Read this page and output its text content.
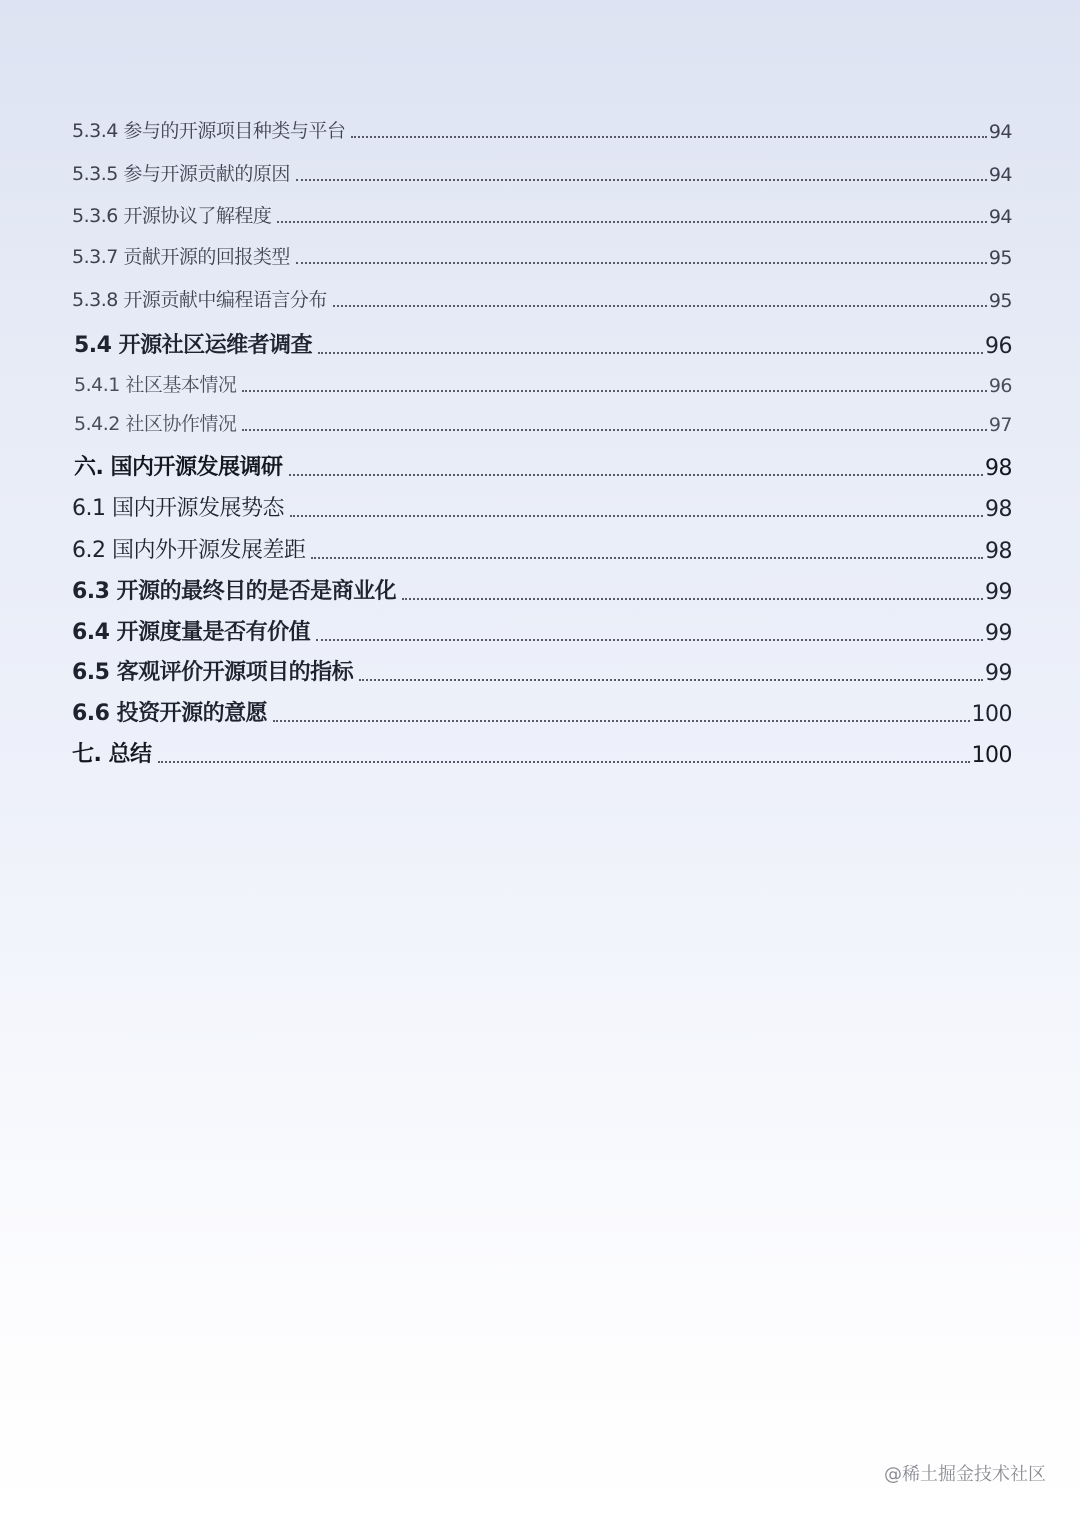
5.3.4 参与的开源项目种类与平台	94
5.3.5 参与开源贡献的原因	94
5.3.6 开源协议了解程度	94
5.3.7 贡献开源的回报类型	95
5.3.8 开源贡献中编程语言分布	95
5.4 开源社区运维者调查	96
5.4.1 社区基本情况	96
5.4.2 社区协作情况	97
六. 国内开源发展调研	98
6.1 国内开源发展势态	98
6.2 国内外开源发展差距	98
6.3 开源的最终目的是否是商业化	99
6.4 开源度量是否有价值	99
6.5 客观评价开源项目的指标	99
6.6 投资开源的意愿	100
七. 总结	100
@稀土掘金技术社区
